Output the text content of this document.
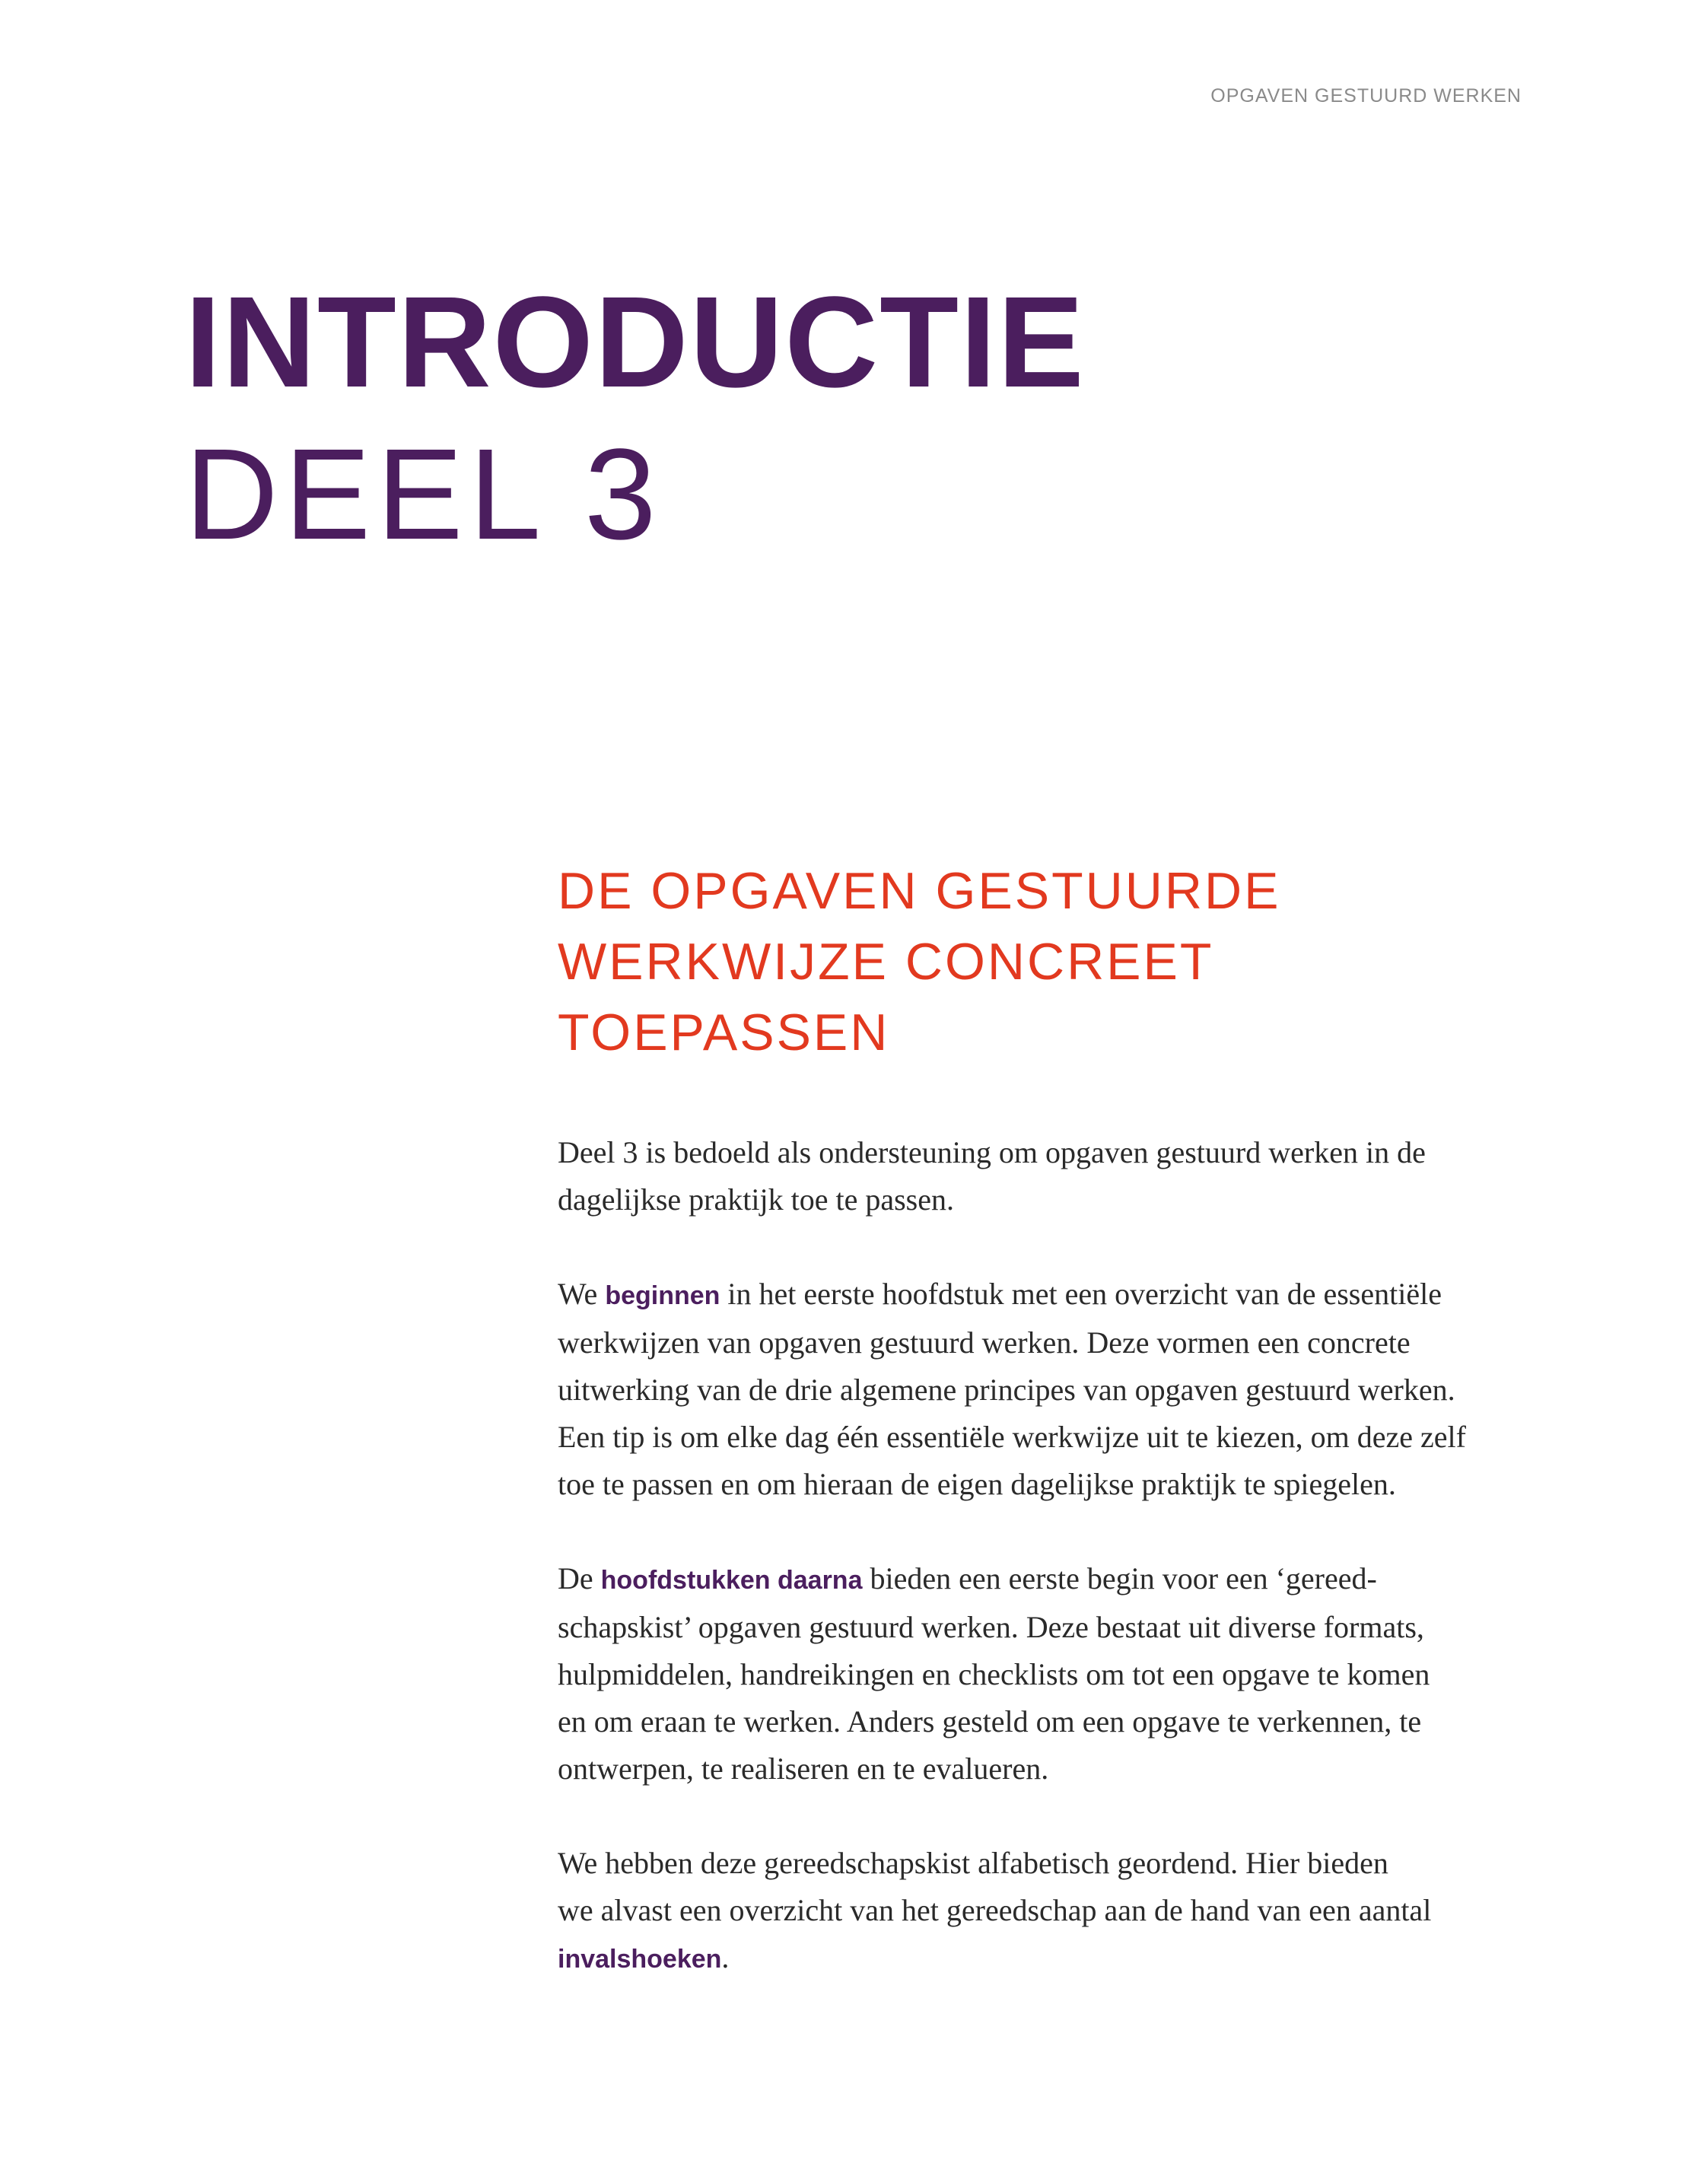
OPGAVEN GESTUURD WERKEN
INTRODUCTIE
DEEL 3
DE OPGAVEN GESTUURDE
WERKWIJZE CONCREET
TOEPASSEN

Deel 3 is bedoeld als ondersteuning om opgaven gestuurd werken in de
dagelijkse praktijk toe te passen.

We beginnen in het eerste hoofdstuk met een overzicht van de essentiële
werkwijzen van opgaven gestuurd werken. Deze vormen een concrete
uitwerking van de drie algemene principes van opgaven gestuurd werken.
Een tip is om elke dag één essentiële werkwijze uit te kiezen, om deze zelf
toe te passen en om hieraan de eigen dagelijkse praktijk te spiegelen.

De hoofdstukken daarna bieden een eerste begin voor een ‘gereed-
schapskist’ opgaven gestuurd werken. Deze bestaat uit diverse formats,
hulpmiddelen, handreikingen en checklists om tot een opgave te komen
en om eraan te werken. Anders gesteld om een opgave te verkennen, te
ontwerpen, te realiseren en te evalueren.

We hebben deze gereedschapskist alfabetisch geordend. Hier bieden
we alvast een overzicht van het gereedschap aan de hand van een aantal
invalshoeken.
